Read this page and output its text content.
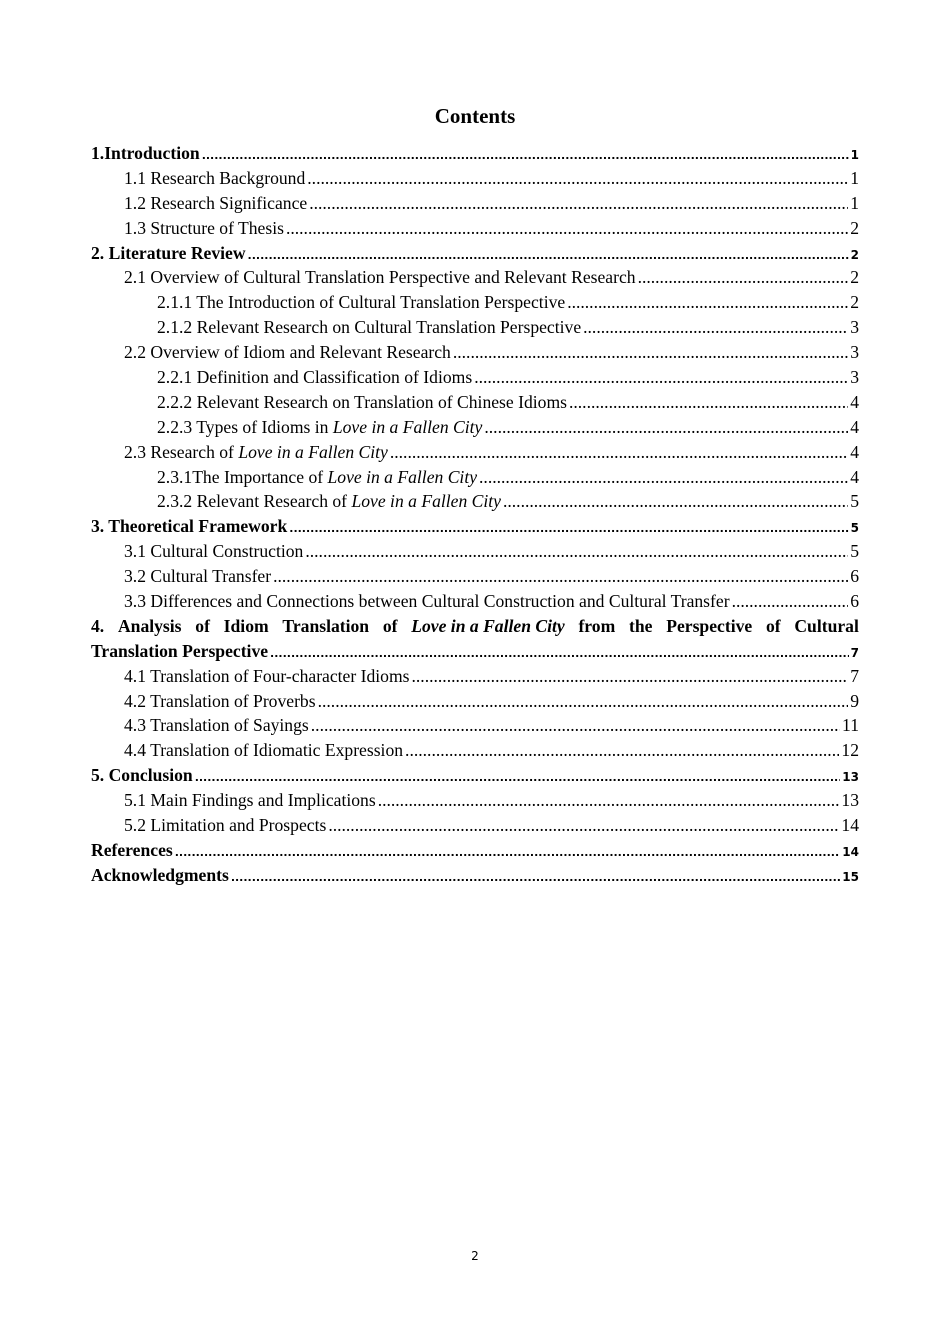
Contents
1.Introduction .....	1
1.1 Research Background .....	1
1.2 Research Significance .....	1
1.3 Structure of Thesis .....	2
2. Literature Review .....	2
2.1 Overview of Cultural Translation Perspective and Relevant Research .....	2
2.1.1 The Introduction of Cultural Translation Perspective .....	2
2.1.2 Relevant Research on Cultural Translation Perspective .....	3
2.2 Overview of Idiom and Relevant Research .....	3
2.2.1 Definition and Classification of Idioms .....	3
2.2.2 Relevant Research on Translation of Chinese Idioms .....	4
2.2.3 Types of Idioms in Love in a Fallen City .....	4
2.3 Research of Love in a Fallen City .....	4
2.3.1The Importance of Love in a Fallen City .....	4
2.3.2 Relevant Research of Love in a Fallen City .....	5
3. Theoretical Framework .....	5
3.1 Cultural Construction .....	5
3.2 Cultural Transfer .....	6
3.3 Differences and Connections between Cultural Construction and Cultural Transfer .....	6
4. Analysis of Idiom Translation of Love in a Fallen City from the Perspective of Cultural
Translation Perspective .....	7
4.1 Translation of Four-character Idioms .....	7
4.2 Translation of Proverbs .....	9
4.3 Translation of Sayings .....	11
4.4 Translation of Idiomatic Expression .....	12
5. Conclusion .....	13
5.1 Main Findings and Implications .....	13
5.2 Limitation and Prospects .....	14
References .....	14
Acknowledgments .....	15
2
